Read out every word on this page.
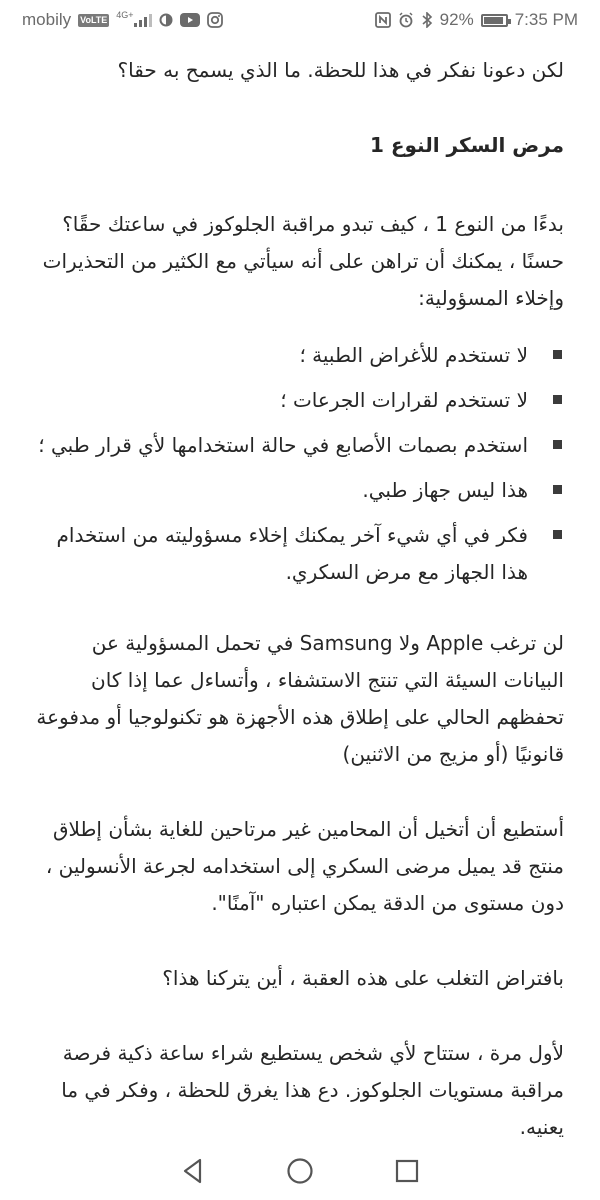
mobily VoLTE 4G+	92% 7:35 PM

لكن دعونا نفكر في هذا للحظة. ما الذي يسمح به حقا؟

مرض السكر النوع 1

بدءًا من النوع 1 ، كيف تبدو مراقبة الجلوكوز في ساعتك حقًا؟ حسنًا ، يمكنك أن تراهن على أنه سيأتي مع الكثير من التحذيرات وإخلاء المسؤولية:

لا تستخدم للأغراض الطبية ؛
لا تستخدم لقرارات الجرعات ؛
استخدم بصمات الأصابع في حالة استخدامها لأي قرار طبي ؛
هذا ليس جهاز طبي.
فكر في أي شيء آخر يمكنك إخلاء مسؤوليته من استخدام هذا الجهاز مع مرض السكري.

لن ترغب Apple ولا Samsung في تحمل المسؤولية عن البيانات السيئة التي تنتج الاستشفاء ، وأتساءل عما إذا كان تحفظهم الحالي على إطلاق هذه الأجهزة هو تكنولوجيا أو مدفوعة قانونيًا (أو مزيج من الاثنين)

أستطيع أن أتخيل أن المحامين غير مرتاحين للغاية بشأن إطلاق منتج قد يميل مرضى السكري إلى استخدامه لجرعة الأنسولين ، دون مستوى من الدقة يمكن اعتباره "آمنًا".

بافتراض التغلب على هذه العقبة ، أين يتركنا هذا؟

لأول مرة ، ستتاح لأي شخص يستطيع شراء ساعة ذكية فرصة مراقبة مستويات الجلوكوز. دع هذا يغرق للحظة ، وفكر في ما يعنيه.
